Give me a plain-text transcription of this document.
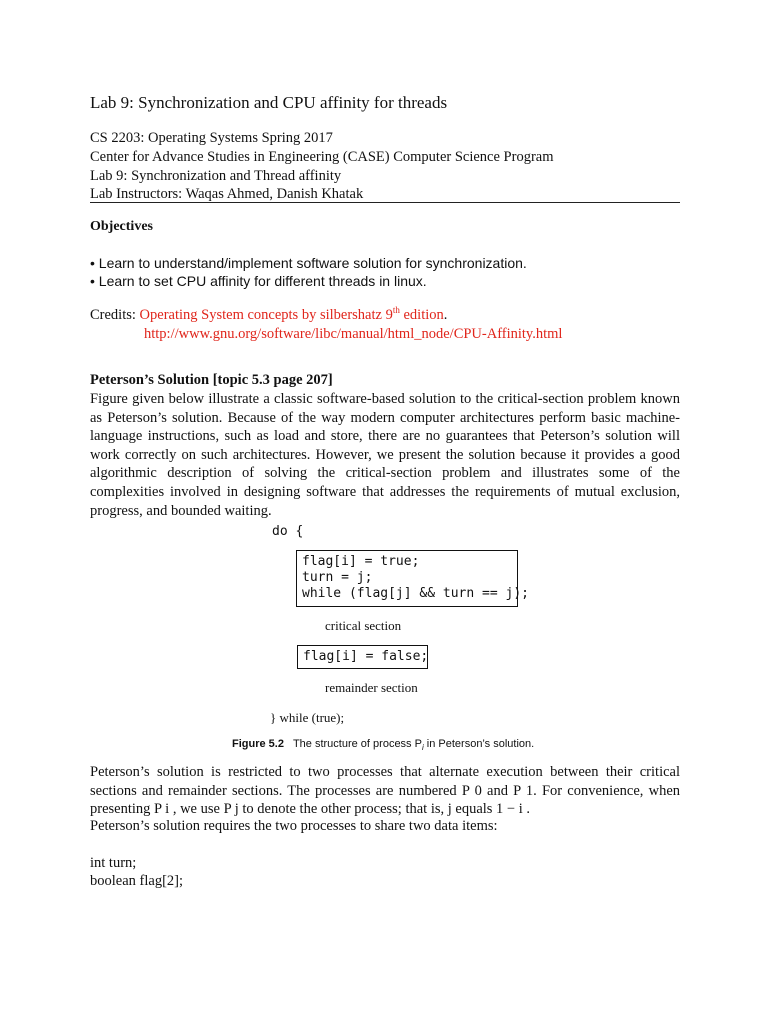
Lab 9: Synchronization and CPU affinity for threads
CS 2203: Operating Systems Spring 2017
Center for Advance Studies in Engineering (CASE) Computer Science Program
Lab 9: Synchronization and Thread affinity
Lab Instructors: Waqas Ahmed, Danish Khatak
Objectives
• Learn to understand/implement software solution for synchronization.
• Learn to set CPU affinity for different threads in linux.
Credits: Operating System concepts by silbershatz 9th edition.
http://www.gnu.org/software/libc/manual/html_node/CPU-Affinity.html
Peterson’s Solution [topic 5.3 page 207]
Figure given below illustrate a classic software-based solution to the critical-section problem known as Peterson’s solution. Because of the way modern computer architectures perform basic machine-language instructions, such as load and store, there are no guarantees that Peterson’s solution will work correctly on such architectures. However, we present the solution because it provides a good algorithmic description of solving the critical-section problem and illustrates some of the complexities involved in designing software that addresses the requirements of mutual exclusion, progress, and bounded waiting.
do {
flag[i] = true;
turn = j;
while (flag[j] && turn == j);
critical section
flag[i] = false;
remainder section
} while (true);
Figure 5.2 The structure of process $P_i$ in Peterson’s solution.
Peterson’s solution is restricted to two processes that alternate execution between their critical sections and remainder sections. The processes are numbered P 0 and P 1. For convenience, when presenting P i , we use P j to denote the other process; that is, j equals 1 − i .
Peterson’s solution requires the two processes to share two data items:
int turn;
boolean flag[2];
